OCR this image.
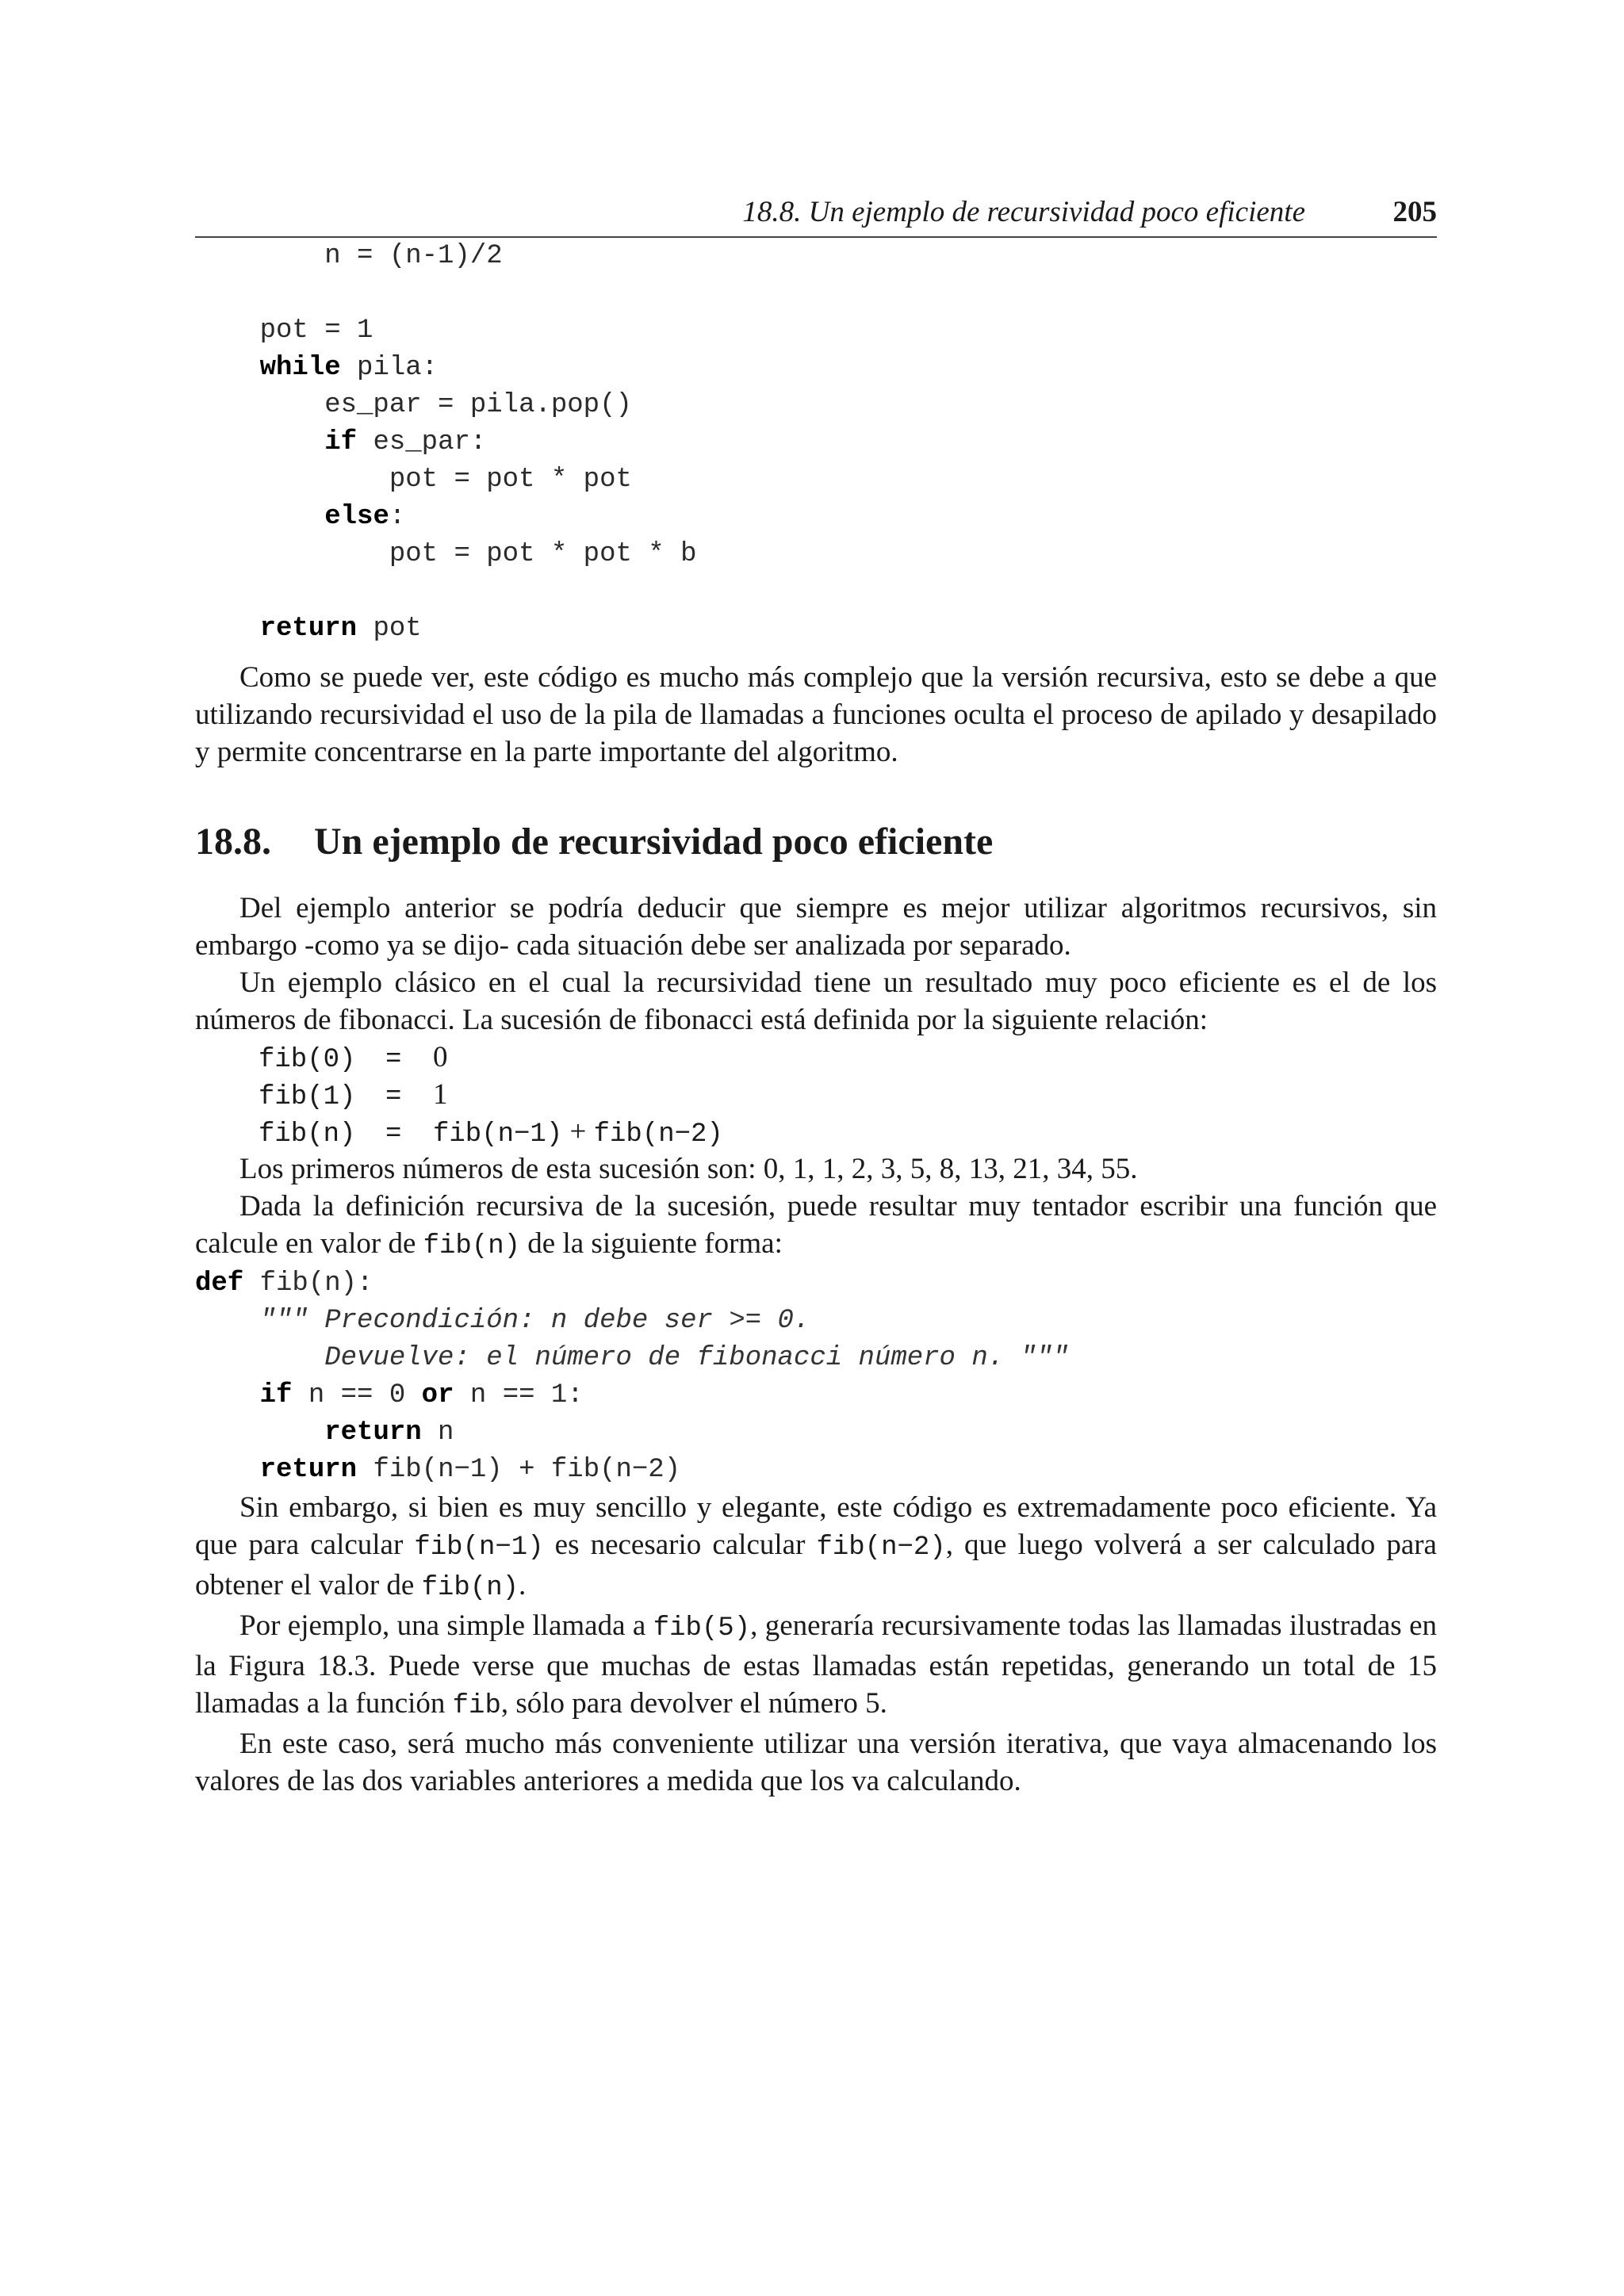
18.8. Un ejemplo de recursividad poco eficiente	205
n = (n-1)/2

pot = 1
while pila:
es_par = pila.pop()
if es_par:
pot = pot * pot
else:
pot = pot * pot * b

return pot

Como se puede ver, este código es mucho más complejo que la versión recursiva, esto se debe a que utilizando recursividad el uso de la pila de llamadas a funciones oculta el proceso de apilado y desapilado y permite concentrarse en la parte importante del algoritmo.

18.8. Un ejemplo de recursividad poco eficiente

Del ejemplo anterior se podría deducir que siempre es mejor utilizar algoritmos recursivos, sin embargo -como ya se dijo- cada situación debe ser analizada por separado.

Un ejemplo clásico en el cual la recursividad tiene un resultado muy poco eficiente es el de los números de fibonacci. La sucesión de fibonacci está definida por la siguiente relación:

fib(0) = 0
fib(1) = 1
fib(n) = fib(n−1) + fib(n−2)

Los primeros números de esta sucesión son: 0, 1, 1, 2, 3, 5, 8, 13, 21, 34, 55.

Dada la definición recursiva de la sucesión, puede resultar muy tentador escribir una función que calcule en valor de fib(n) de la siguiente forma:

def fib(n):
""" Precondición: n debe ser >= 0.
Devuelve: el número de fibonacci número n. """
if n == 0 or n == 1:
return n
return fib(n−1) + fib(n−2)

Sin embargo, si bien es muy sencillo y elegante, este código es extremadamente poco eficiente. Ya que para calcular fib(n−1) es necesario calcular fib(n−2), que luego volverá a ser calculado para obtener el valor de fib(n).

Por ejemplo, una simple llamada a fib(5), generaría recursivamente todas las llamadas ilustradas en la Figura 18.3. Puede verse que muchas de estas llamadas están repetidas, generando un total de 15 llamadas a la función fib, sólo para devolver el número 5.

En este caso, será mucho más conveniente utilizar una versión iterativa, que vaya almacenando los valores de las dos variables anteriores a medida que los va calculando.
